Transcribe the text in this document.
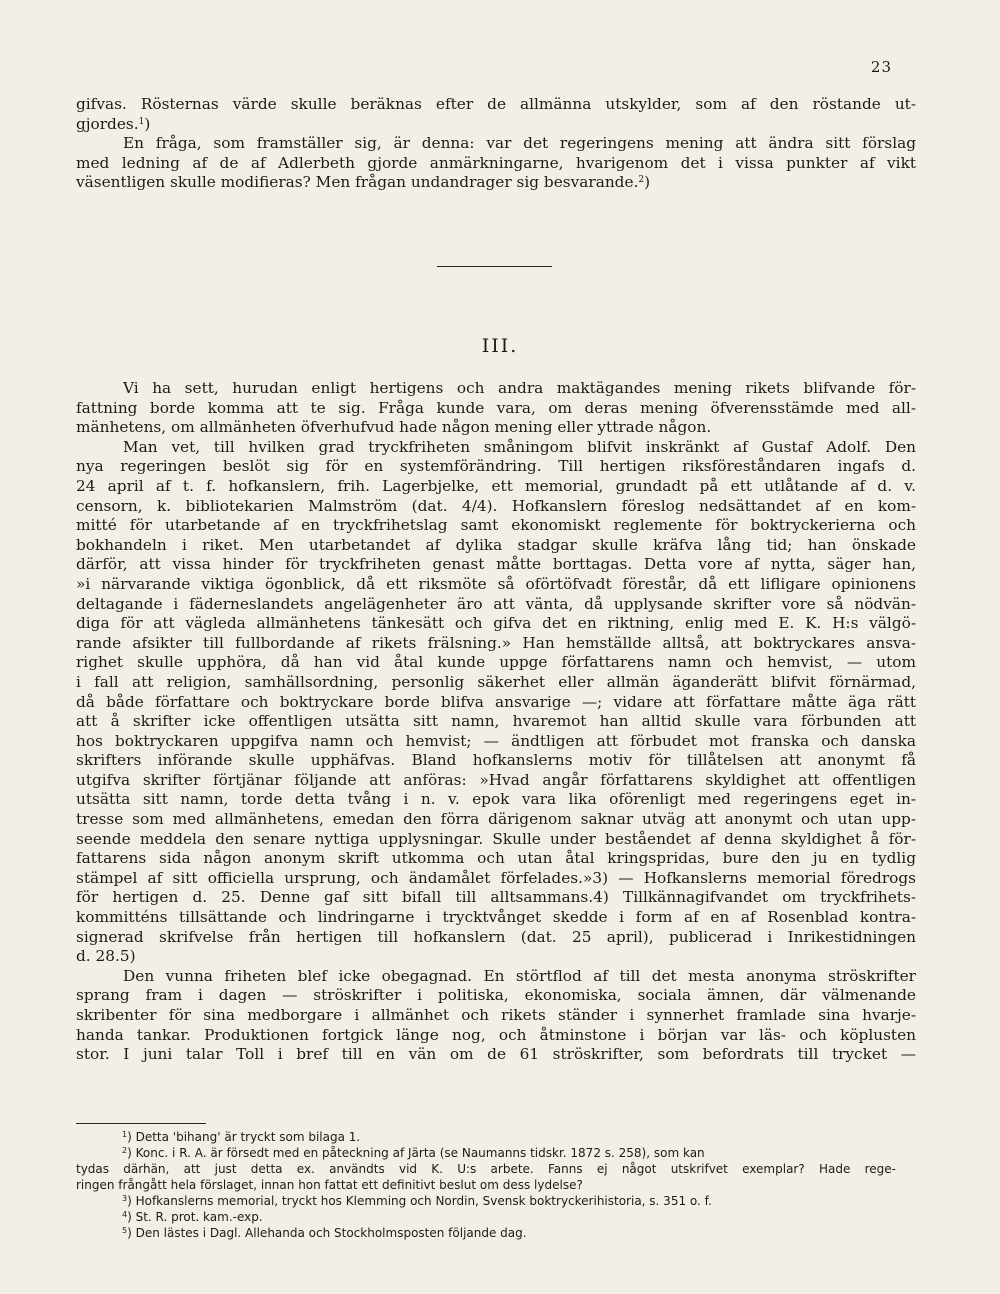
23
gifvas. Rösternas värde skulle beräknas efter de allmänna utskylder, som af den röstande ut-
gjordes.$^1$)
En fråga, som framställer sig, är denna: var det regeringens mening att ändra sitt förslag
med ledning af de af Adlerbeth gjorde anmärkningarne, hvarigenom det i vissa punkter af vikt
väsentligen skulle modifieras? Men frågan undandrager sig besvarande.$^2$)
III.
Vi ha sett, hurudan enligt hertigens och andra maktägandes mening rikets blifvande för-
fattning borde komma att te sig. Fråga kunde vara, om deras mening öfverensstämde med all-
mänhetens, om allmänheten öfverhufvud hade någon mening eller yttrade någon.
Man vet, till hvilken grad tryckfriheten småningom blifvit inskränkt af Gustaf Adolf. Den
nya regeringen beslöt sig för en systemförändring. Till hertigen riksföreståndaren ingafs d.
24 april af t. f. hofkanslern, frih. Lagerbjelke, ett memorial, grundadt på ett utlåtande af d. v.
censorn, k. bibliotekarien Malmström (dat. 4/4). Hofkanslern föreslog nedsättandet af en kom-
mitté för utarbetande af en tryckfrihetslag samt ekonomiskt reglemente för boktryckerierna och
bokhandeln i riket. Men utarbetandet af dylika stadgar skulle kräfva lång tid; han önskade
därför, att vissa hinder för tryckfriheten genast måtte borttagas. Detta vore af nytta, säger han,
»i närvarande viktiga ögonblick, då ett riksmöte så oförtöfvadt förestår, då ett lifligare opinionens
deltagande i fäderneslandets angelägenheter äro att vänta, då upplysande skrifter vore så nödvän-
diga för att vägleda allmänhetens tänkesätt och gifva det en riktning, enlig med E. K. H:s välgö-
rande afsikter till fullbordande af rikets frälsning.» Han hemställde alltså, att boktryckares ansva-
righet skulle upphöra, då han vid åtal kunde uppge författarens namn och hemvist, — utom
i fall att religion, samhällsordning, personlig säkerhet eller allmän äganderätt blifvit förnärmad,
då både författare och boktryckare borde blifva ansvarige —; vidare att författare måtte äga rätt
att å skrifter icke offentligen utsätta sitt namn, hvaremot han alltid skulle vara förbunden att
hos boktryckaren uppgifva namn och hemvist; — ändtligen att förbudet mot franska och danska
skrifters införande skulle upphäfvas. Bland hofkanslerns motiv för tillåtelsen att anonymt få
utgifva skrifter förtjänar följande att anföras: »Hvad angår författarens skyldighet att offentligen
utsätta sitt namn, torde detta tvång i n. v. epok vara lika oförenligt med regeringens eget in-
tresse som med allmänhetens, emedan den förra därigenom saknar utväg att anonymt och utan upp-
seende meddela den senare nyttiga upplysningar. Skulle under beståendet af denna skyldighet å för-
fattarens sida någon anonym skrift utkomma och utan åtal kringspridas, bure den ju en tydlig
stämpel af sitt officiella ursprung, och ändamålet förfelades.»3) — Hofkanslerns memorial föredrogs
för hertigen d. 25. Denne gaf sitt bifall till alltsammans.4) Tillkännagifvandet om tryckfrihets-
kommitténs tillsättande och lindringarne i trycktvånget skedde i form af en af Rosenblad kontra-
signerad skrifvelse från hertigen till hofkanslern (dat. 25 april), publicerad i Inrikestidningen
d. 28.5)
Den vunna friheten blef icke obegagnad. En störtflod af till det mesta anonyma ströskrifter
sprang fram i dagen — ströskrifter i politiska, ekonomiska, sociala ämnen, där välmenande
skribenter för sina medborgare i allmänhet och rikets ständer i synnerhet framlade sina hvarje-
handa tankar. Produktionen fortgick länge nog, och åtminstone i början var läs- och köplusten
stor. I juni talar Toll i bref till en vän om de 61 ströskrifter, som befordrats till trycket —
$^1$) Detta 'bihang' är tryckt som bilaga 1.
$^2$) Konc. i R. A. är försedt med en påteckning af Järta (se Naumanns tidskr. 1872 s. 258), som kan
tydas därhän, att just detta ex. användts vid K. U:s arbete. Fanns ej något utskrifvet exemplar? Hade rege-
ringen frångått hela förslaget, innan hon fattat ett definitivt beslut om dess lydelse?
$^3$) Hofkanslerns memorial, tryckt hos Klemming och Nordin, Svensk boktryckerihistoria, s. 351 o. f.
$^4$) St. R. prot. kam.-exp.
$^5$) Den lästes i Dagl. Allehanda och Stockholmsposten följande dag.
